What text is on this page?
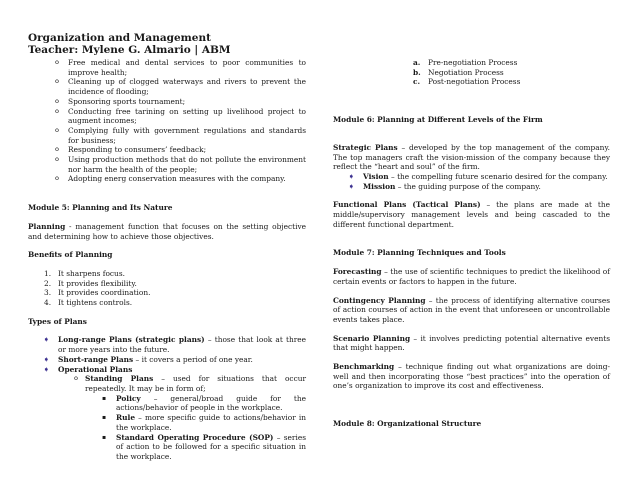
Organization and Management
Teacher: Mylene G. Almario | ABM
o Free medical and dental services to poor communities to improve health;
o Cleaning up of clogged waterways and rivers to prevent the incidence of flooding;
o Sponsoring sports tournament;
o Conducting free tarining on setting up livelihood project to augment incomes;
o Complying fully with government regulations and standards for business;
o Responding to consumers’ feedback;
o Using production methods that do not pollute the environment nor harm the health of the people;
o Adopting energ conservation measures with the company.
Module 5: Planning and Its Nature
Planning - management function that focuses on the setting objective and determining how to achieve those objectives.
Benefits of Planning
1. It sharpens focus.
2. It provides flexibility.
3. It provides coordination.
4. It tightens controls.
Types of Plans
➧	Long-range Plans (strategic plans) – those that look at three or more years into the future.
➧	Short-range Plans – it covers a period of one year.
➧	Operational Plans
o Standing Plans – used for situations that occur repeatedly. It may be in form of;
▪ Policy – general/broad guide for the actions/behavior of people in the workplace.
▪ Rule – more specific guide to actions/behavior in the workplace.
▪ Standard Operating Procedure (SOP) – series of action to be followed for a specific situation in the workplace.
a. Pre-negotiation Process
b. Negotiation Process
c. Post-negotiation Process
Module 6: Planning at Different Levels of the Firm
Strategic Plans – developed by the top management of the company. The top managers craft the vision-mission of the company because they reflect the “heart and soul” of the firm.
➧	Vision – the compelling future scenario desired for the company.
➧	Mission – the guiding purpose of the company.
Functional Plans (Tactical Plans) – the plans are made at the middle/supervisory management levels and being cascaded to the different functional department.
Module 7: Planning Techniques and Tools
Forecasting – the use of scientific techniques to predict the likelihood of certain events or factors to happen in the future.
Contingency Planning – the process of identifying alternative courses of action courses of action in the event that unforeseen or uncontrollable events takes place.
Scenario Planning – it involves predicting potential alternative events that might happen.
Benchmarking – technique finding out what organizations are doing-well and then incorporating those “best practices” into the operation of one’s organization to improve its cost and effectiveness.
Module 8: Organizational Structure
